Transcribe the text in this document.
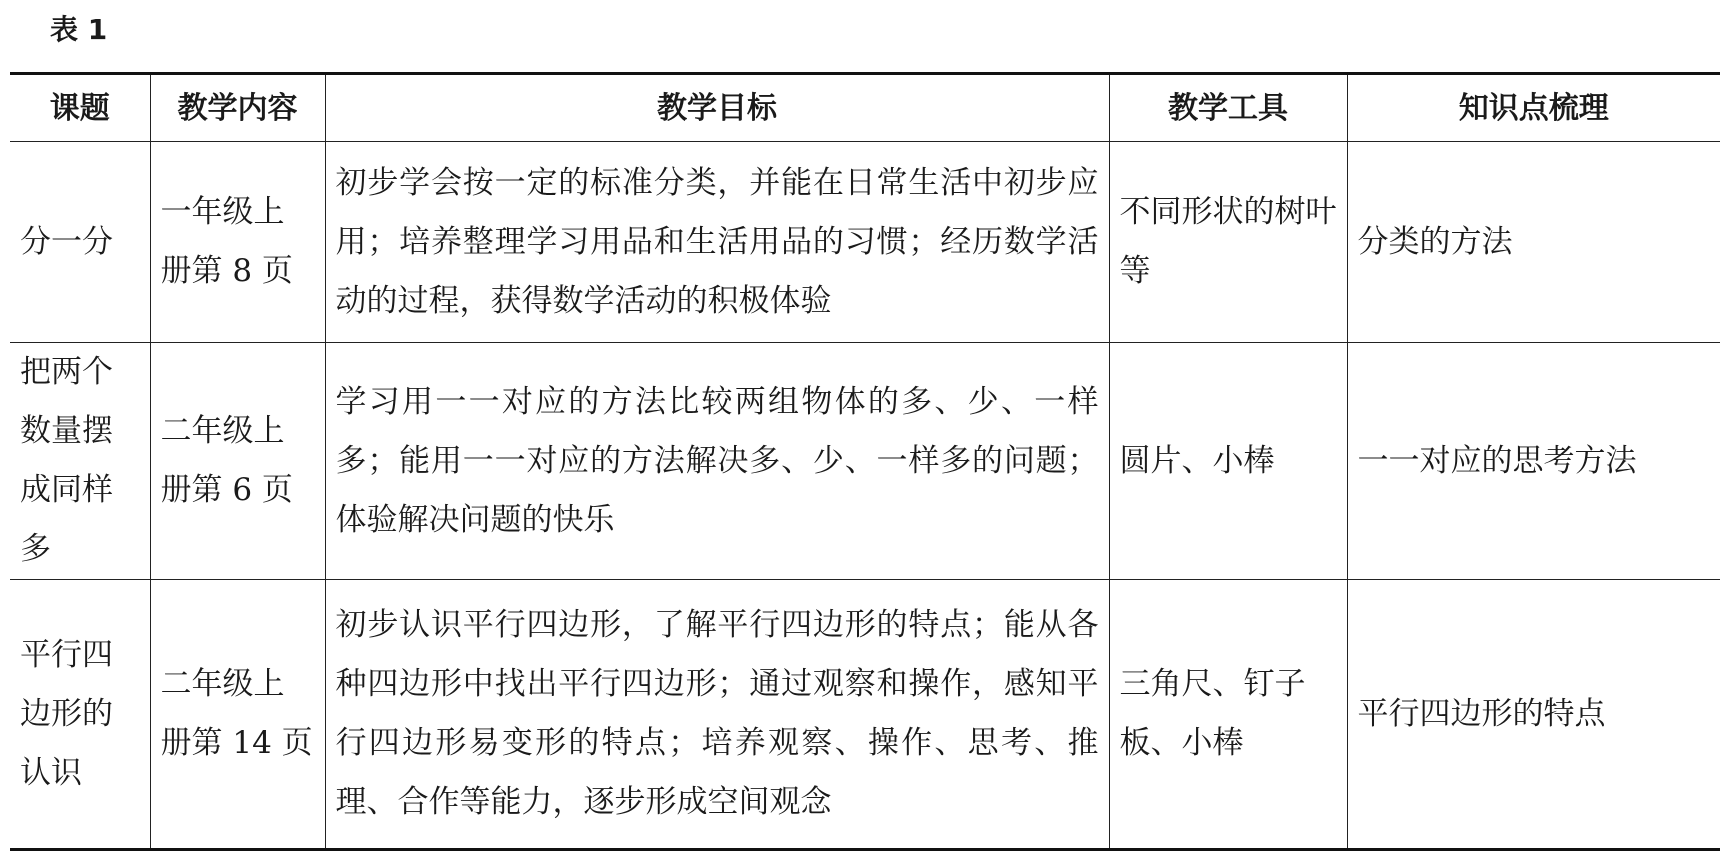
表 1
课题	教学内容	教学目标	教学工具	知识点梳理
分一分	一年级上册第 8 页	初步学会按一定的标准分类，并能在日常生活中初步应用；培养整理学习用品和生活用品的习惯；经历数学活动的过程，获得数学活动的积极体验	不同形状的树叶等	分类的方法
把两个数量摆成同样多	二年级上册第 6 页	学习用一一对应的方法比较两组物体的多、少、一样多；能用一一对应的方法解决多、少、一样多的问题；体验解决问题的快乐	圆片、小棒	一一对应的思考方法
平行四边形的认识	二年级上册第 14 页	初步认识平行四边形，了解平行四边形的特点；能从各种四边形中找出平行四边形；通过观察和操作，感知平行四边形易变形的特点；培养观察、操作、思考、推理、合作等能力，逐步形成空间观念	三角尺、钉子板、小棒	平行四边形的特点
